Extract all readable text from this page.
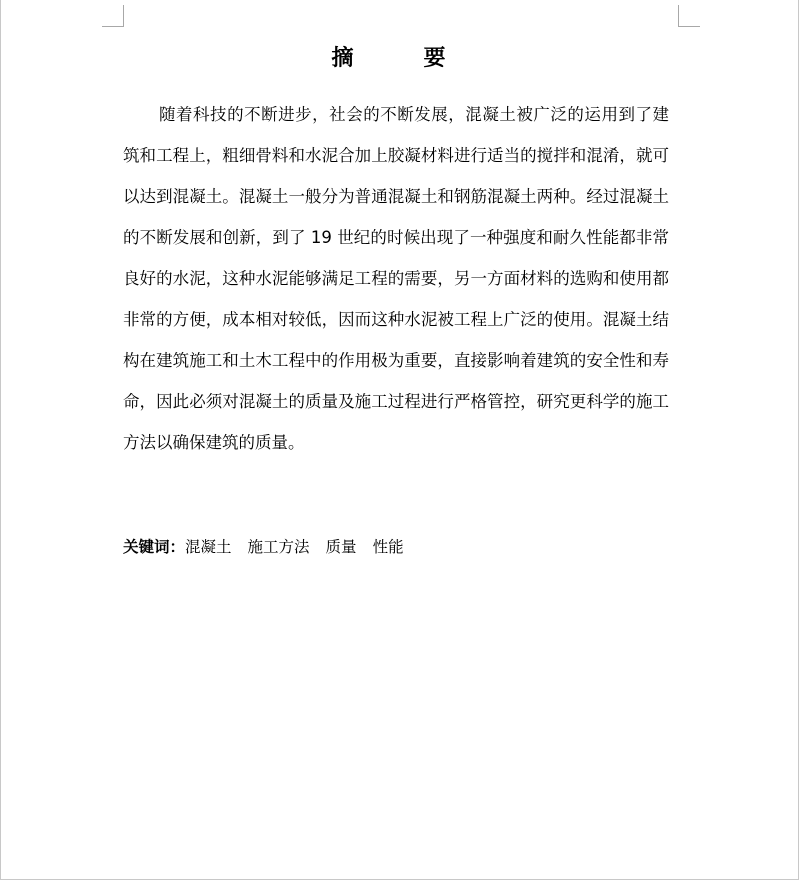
摘　要

随着科技的不断进步，社会的不断发展，混凝土被广泛的运用到了建筑和工程上，粗细骨料和水泥合加上胶凝材料进行适当的搅拌和混淆，就可以达到混凝土。混凝土一般分为普通混凝土和钢筋混凝土两种。经过混凝土的不断发展和创新，到了 19 世纪的时候出现了一种强度和耐久性能都非常良好的水泥，这种水泥能够满足工程的需要，另一方面材料的选购和使用都非常的方便，成本相对较低，因而这种水泥被工程上广泛的使用。混凝土结构在建筑施工和土木工程中的作用极为重要，直接影响着建筑的安全性和寿命，因此必须对混凝土的质量及施工过程进行严格管控，研究更科学的施工方法以确保建筑的质量。

关键词：混凝土 施工方法 质量 性能
